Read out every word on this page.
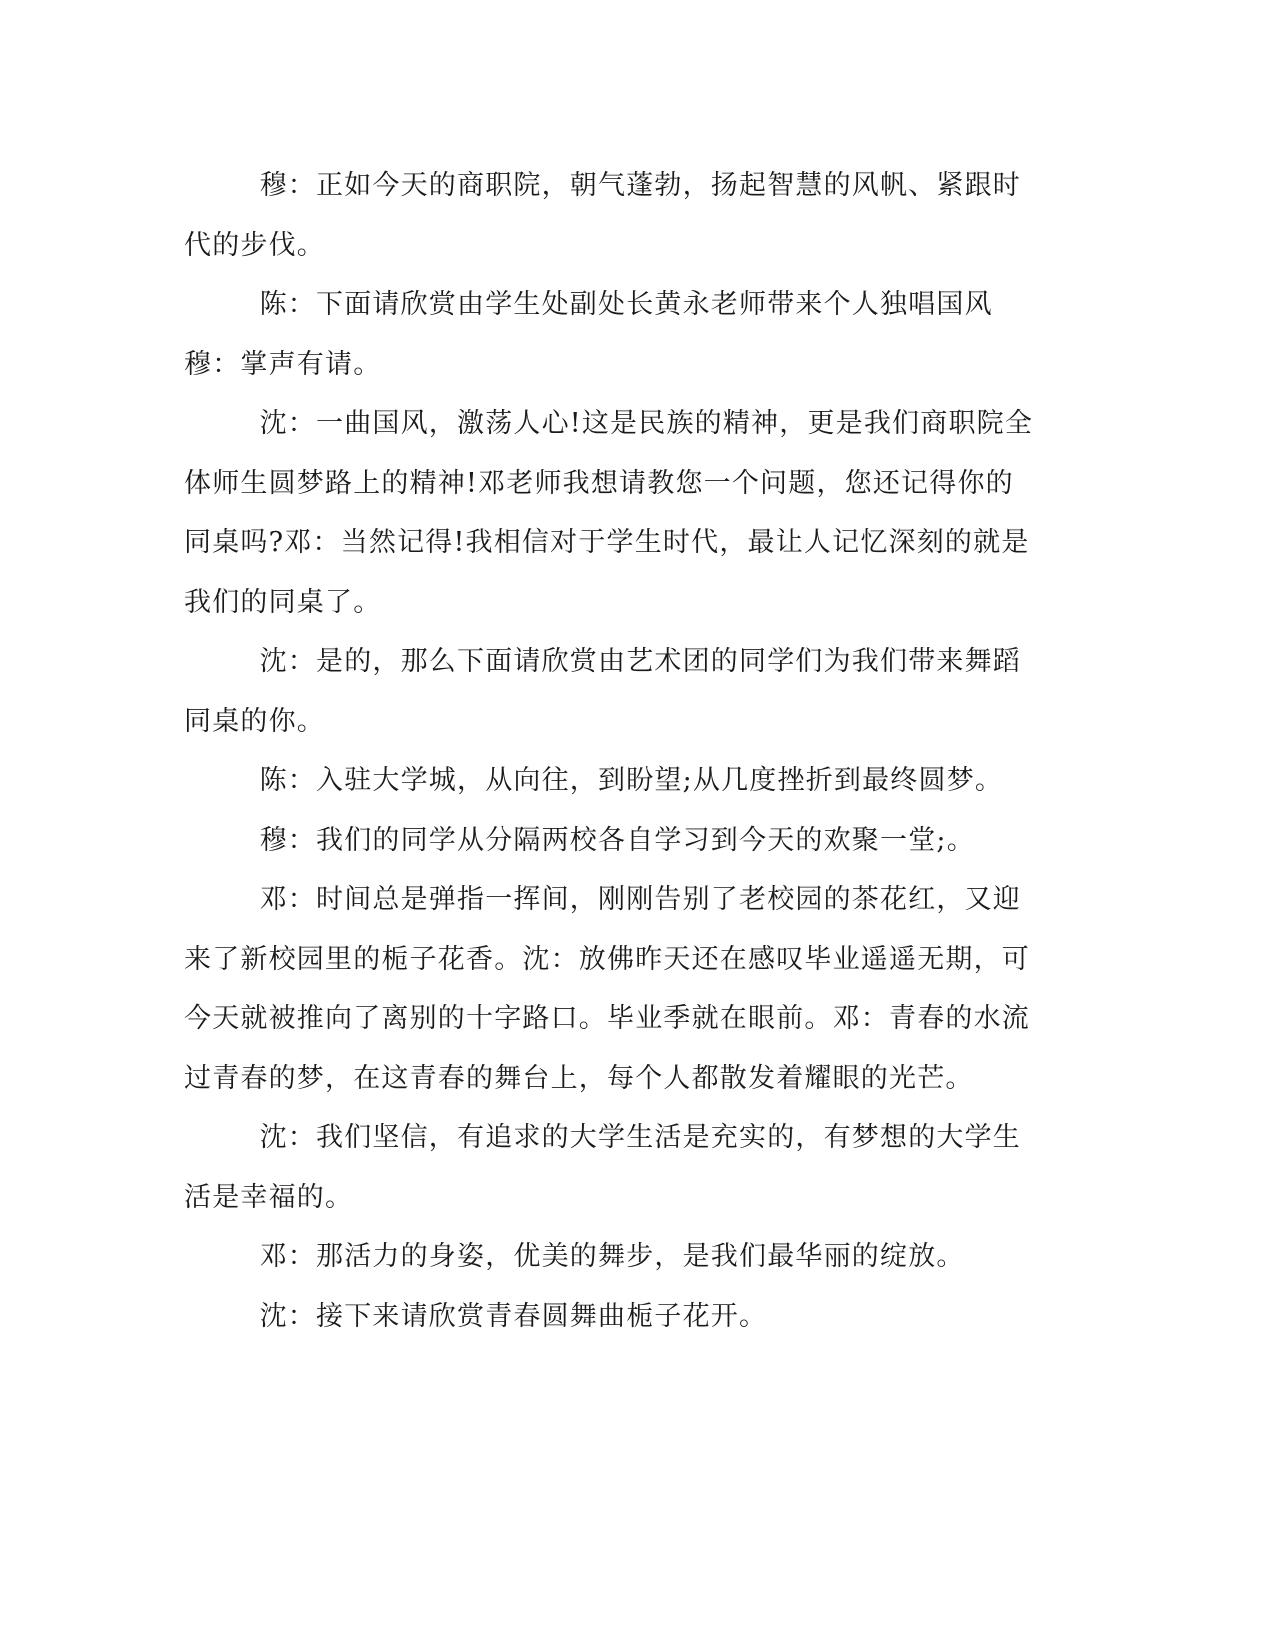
穆：正如今天的商职院，朝气蓬勃，扬起智慧的风帆、紧跟时代的步伐。

陈：下面请欣赏由学生处副处长黄永老师带来个人独唱国风穆：掌声有请。

沈：一曲国风，激荡人心!这是民族的精神，更是我们商职院全体师生圆梦路上的精神!邓老师我想请教您一个问题，您还记得你的同桌吗?邓：当然记得!我相信对于学生时代，最让人记忆深刻的就是我们的同桌了。

沈：是的，那么下面请欣赏由艺术团的同学们为我们带来舞蹈同桌的你。

陈：入驻大学城，从向往，到盼望;从几度挫折到最终圆梦。

穆：我们的同学从分隔两校各自学习到今天的欢聚一堂;。

邓：时间总是弹指一挥间，刚刚告别了老校园的茶花红，又迎来了新校园里的栀子花香。沈：放佛昨天还在感叹毕业遥遥无期，可今天就被推向了离别的十字路口。毕业季就在眼前。邓：青春的水流过青春的梦，在这青春的舞台上，每个人都散发着耀眼的光芒。

沈：我们坚信，有追求的大学生活是充实的，有梦想的大学生活是幸福的。

邓：那活力的身姿，优美的舞步，是我们最华丽的绽放。

沈：接下来请欣赏青春圆舞曲栀子花开。
